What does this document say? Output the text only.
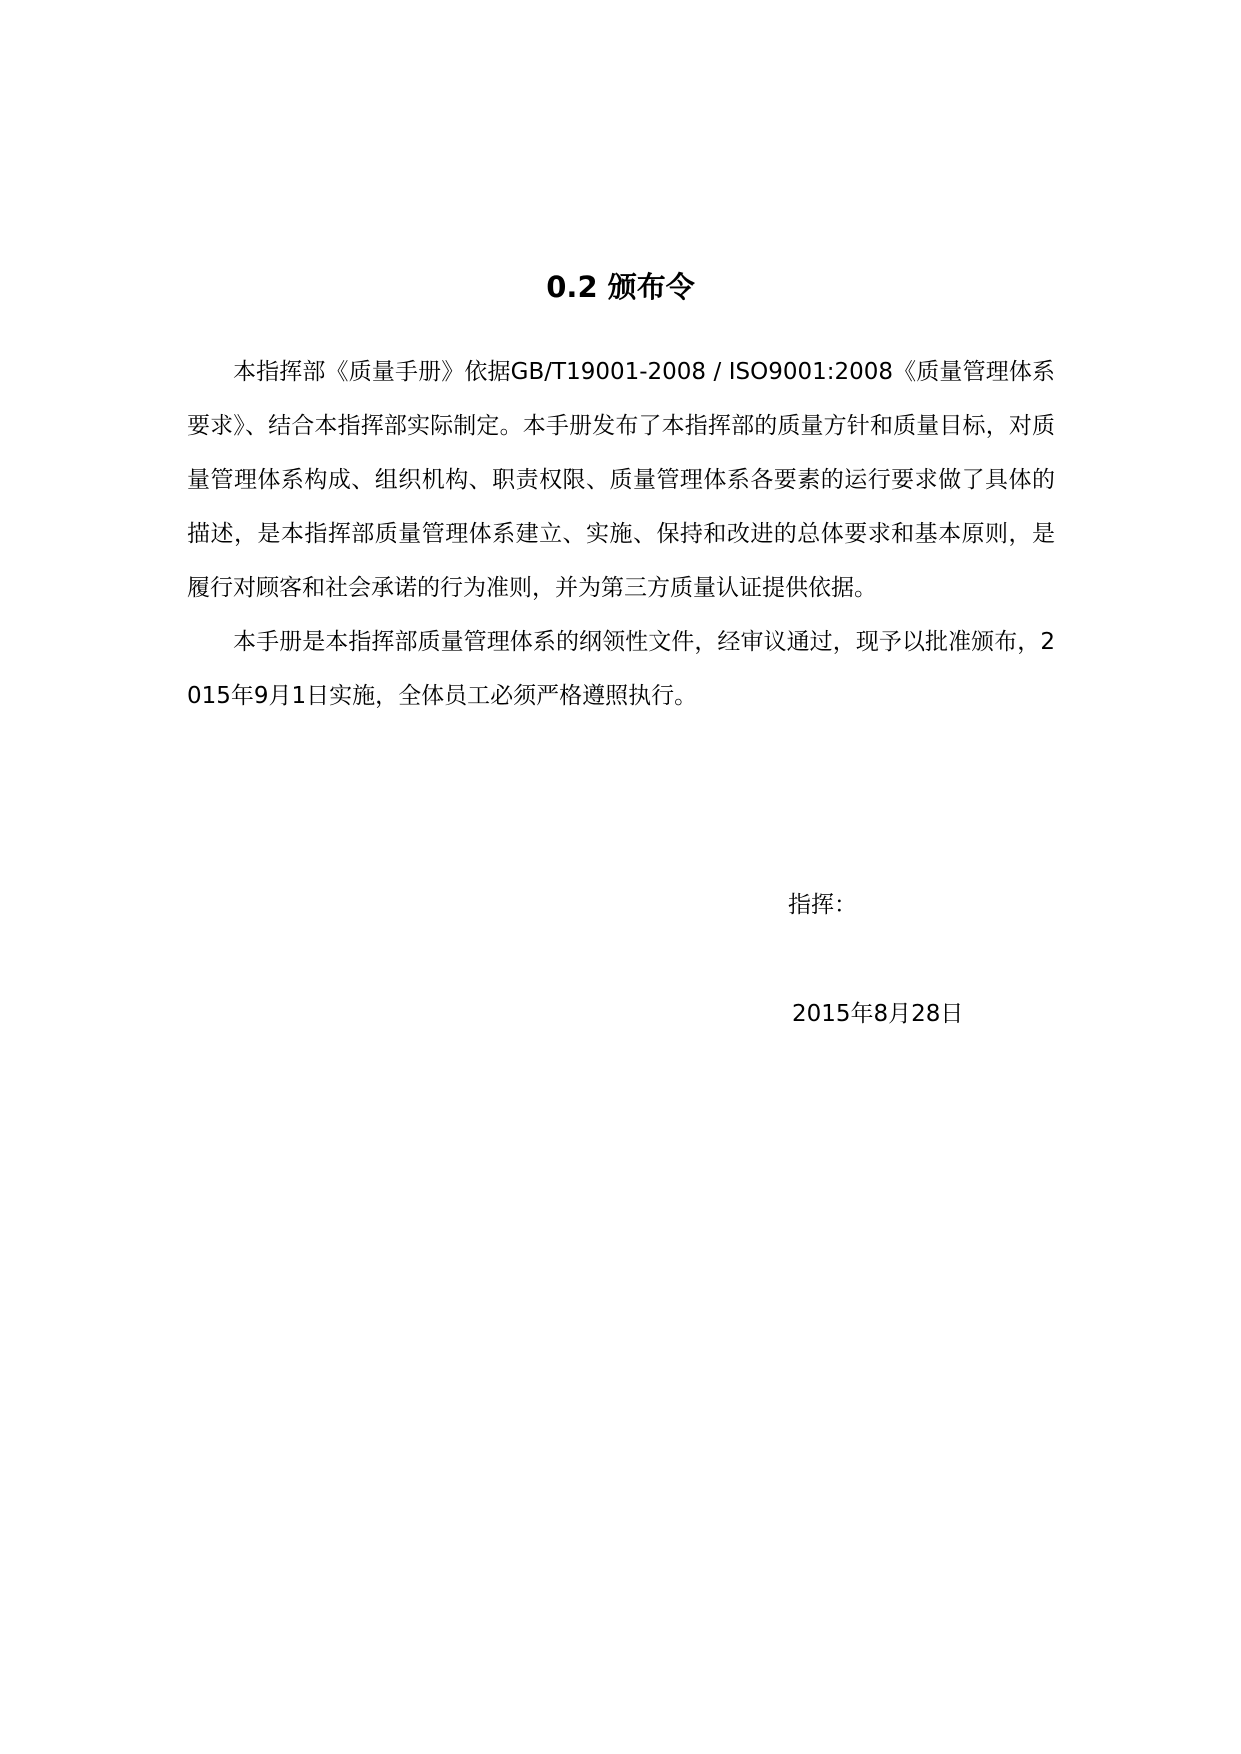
0.2 颁布令

本指挥部《质量手册》依据GB/T19001-2008 / ISO9001:2008《质量管理体系　要求》、结合本指挥部实际制定。本手册发布了本指挥部的质量方针和质量目标，对质量管理体系构成、组织机构、职责权限、质量管理体系各要素的运行要求做了具体的描述，是本指挥部质量管理体系建立、实施、保持和改进的总体要求和基本原则，是履行对顾客和社会承诺的行为准则，并为第三方质量认证提供依据。

本手册是本指挥部质量管理体系的纲领性文件，经审议通过，现予以批准颁布，2015年9月1日实施，全体员工必须严格遵照执行。

指挥：

2015年8月28日
